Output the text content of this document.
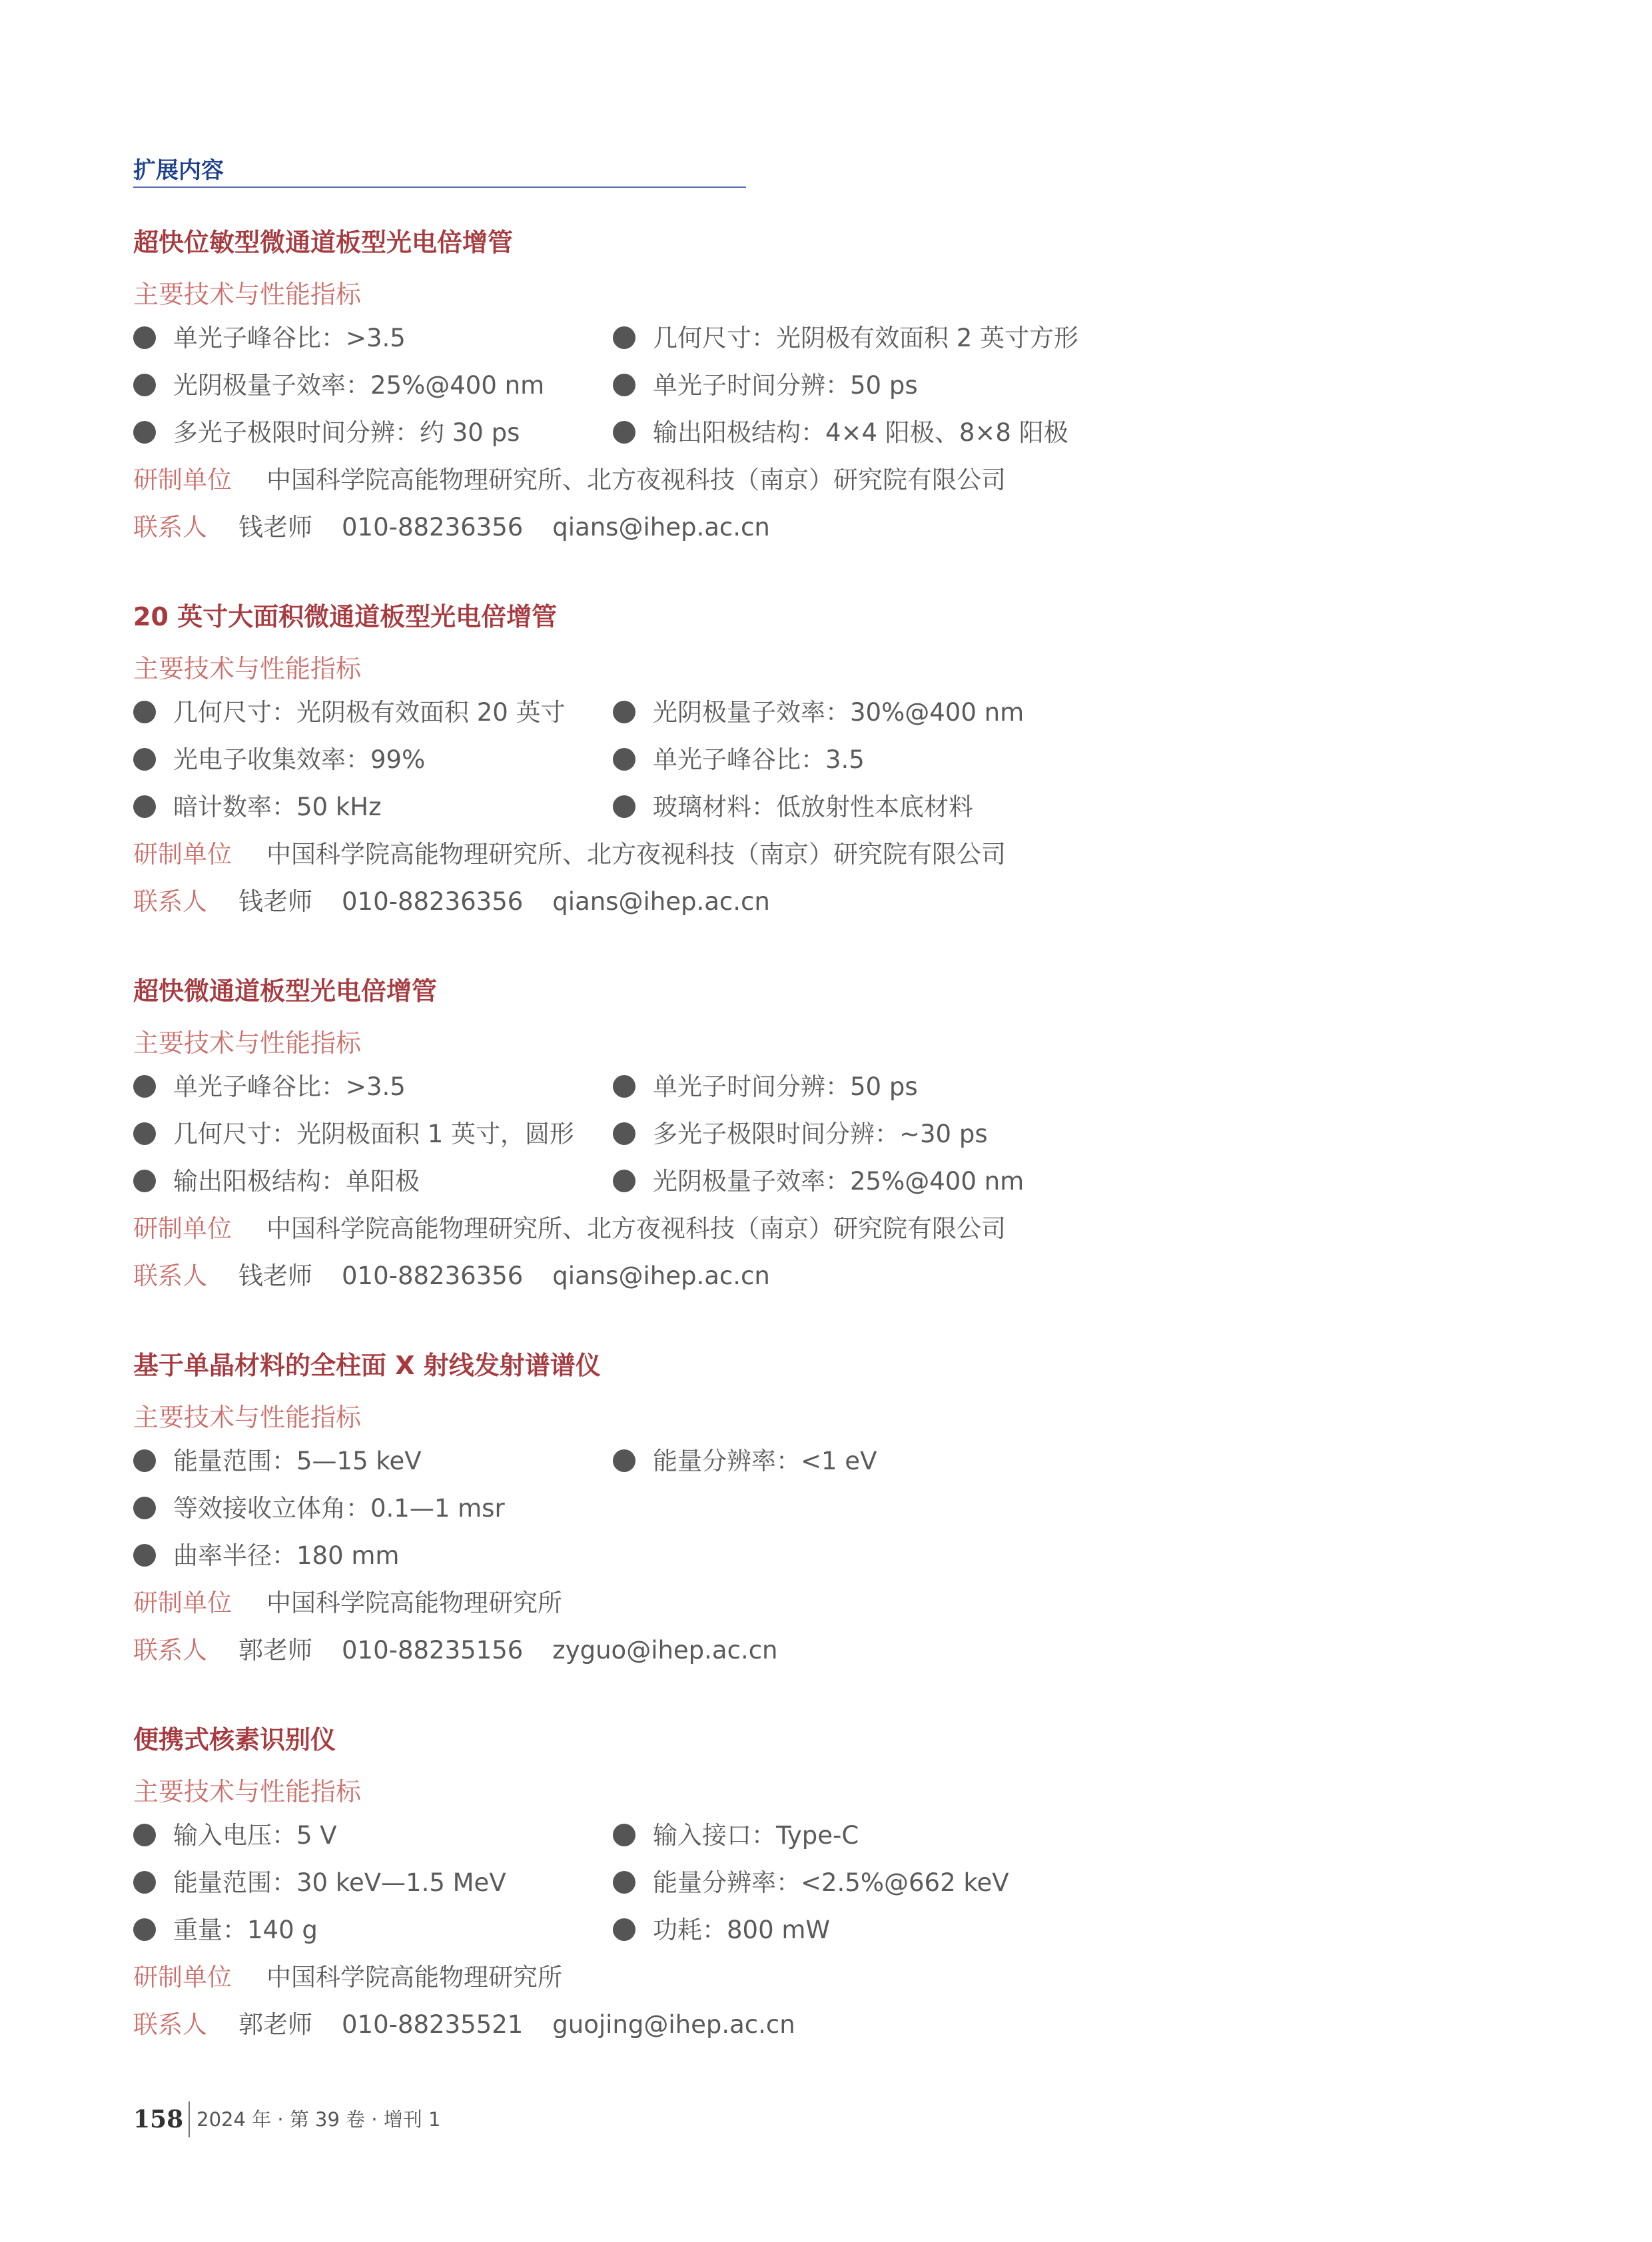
扩展内容
超快位敏型微通道板型光电倍增管
主要技术与性能指标
单光子峰谷比：>3.5	几何尺寸：光阴极有效面积 2 英寸方形
光阴极量子效率：25%@400 nm	单光子时间分辨：50 ps
多光子极限时间分辨：约 30 ps	输出阳极结构：4×4 阳极、8×8 阳极
研制单位 中国科学院高能物理研究所、北方夜视科技（南京）研究院有限公司
联系人 钱老师 010-88236356 qians@ihep.ac.cn
20 英寸大面积微通道板型光电倍增管
主要技术与性能指标
几何尺寸：光阴极有效面积 20 英寸	光阴极量子效率：30%@400 nm
光电子收集效率：99%	单光子峰谷比：3.5
暗计数率：50 kHz	玻璃材料：低放射性本底材料
研制单位 中国科学院高能物理研究所、北方夜视科技（南京）研究院有限公司
联系人 钱老师 010-88236356 qians@ihep.ac.cn
超快微通道板型光电倍增管
主要技术与性能指标
单光子峰谷比：>3.5	单光子时间分辨：50 ps
几何尺寸：光阴极面积 1 英寸，圆形	多光子极限时间分辨：~30 ps
输出阳极结构：单阳极	光阴极量子效率：25%@400 nm
研制单位 中国科学院高能物理研究所、北方夜视科技（南京）研究院有限公司
联系人 钱老师 010-88236356 qians@ihep.ac.cn
基于单晶材料的全柱面 X 射线发射谱谱仪
主要技术与性能指标
能量范围：5—15 keV	能量分辨率：<1 eV
等效接收立体角：0.1—1 msr
曲率半径：180 mm
研制单位 中国科学院高能物理研究所
联系人 郭老师 010-88235156 zyguo@ihep.ac.cn
便携式核素识别仪
主要技术与性能指标
输入电压：5 V	输入接口：Type-C
能量范围：30 keV—1.5 MeV	能量分辨率：<2.5%@662 keV
重量：140 g	功耗：800 mW
研制单位 中国科学院高能物理研究所
联系人 郭老师 010-88235521 guojing@ihep.ac.cn
158 2024 年 · 第 39 卷 · 增刊 1
